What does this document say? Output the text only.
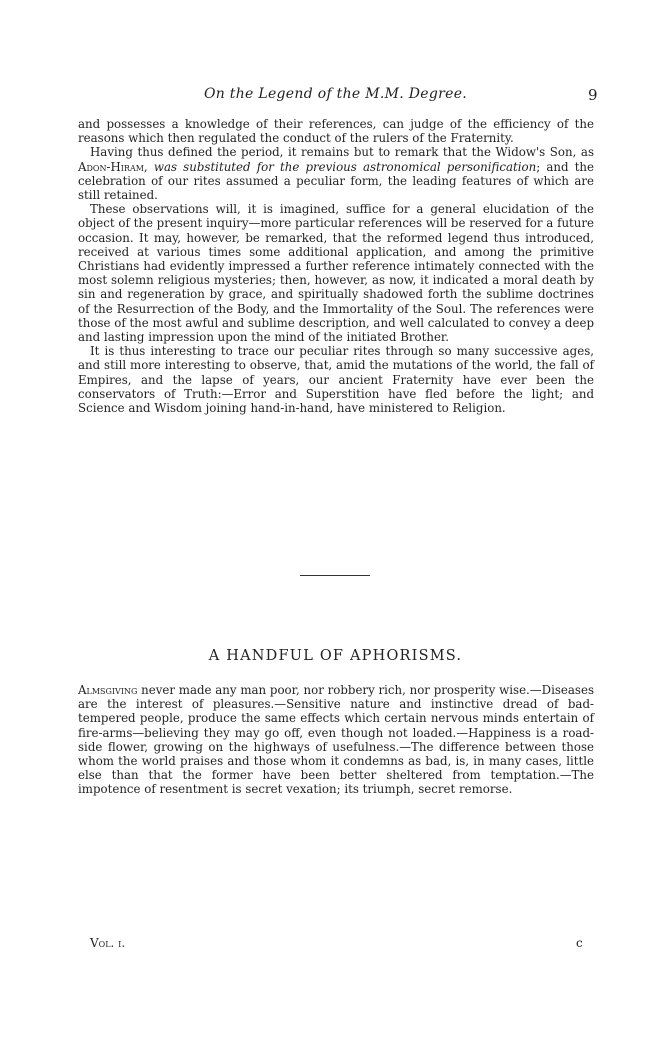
On the Legend of the M.M. Degree.	9

and possesses a knowledge of their references, can judge of the efficiency of the reasons which then regulated the conduct of the rulers of the Fraternity.

Having thus defined the period, it remains but to remark that the Widow's Son, as Adon-Hiram, was substituted for the previous astronomical personification; and the celebration of our rites assumed a peculiar form, the leading features of which are still retained.

These observations will, it is imagined, suffice for a general elucidation of the object of the present inquiry—more particular references will be reserved for a future occasion. It may, however, be remarked, that the reformed legend thus introduced, received at various times some additional application, and among the primitive Christians had evidently impressed a further reference intimately connected with the most solemn religious mysteries; then, however, as now, it indicated a moral death by sin and regeneration by grace, and spiritually shadowed forth the sublime doctrines of the Resurrection of the Body, and the Immortality of the Soul. The references were those of the most awful and sublime description, and well calculated to convey a deep and lasting impression upon the mind of the initiated Brother.

It is thus interesting to trace our peculiar rites through so many successive ages, and still more interesting to observe, that, amid the mutations of the world, the fall of Empires, and the lapse of years, our ancient Fraternity have ever been the conservators of Truth:—Error and Superstition have fled before the light; and Science and Wisdom joining hand-in-hand, have ministered to Religion.

A HANDFUL OF APHORISMS.

Almsgiving never made any man poor, nor robbery rich, nor prosperity wise.—Diseases are the interest of pleasures.—Sensitive nature and instinctive dread of bad-tempered people, produce the same effects which certain nervous minds entertain of fire-arms—believing they may go off, even though not loaded.—Happiness is a road-side flower, growing on the highways of usefulness.—The difference between those whom the world praises and those whom it condemns as bad, is, in many cases, little else than that the former have been better sheltered from temptation.—The impotence of resentment is secret vexation; its triumph, secret remorse.

Vol. i.	c
